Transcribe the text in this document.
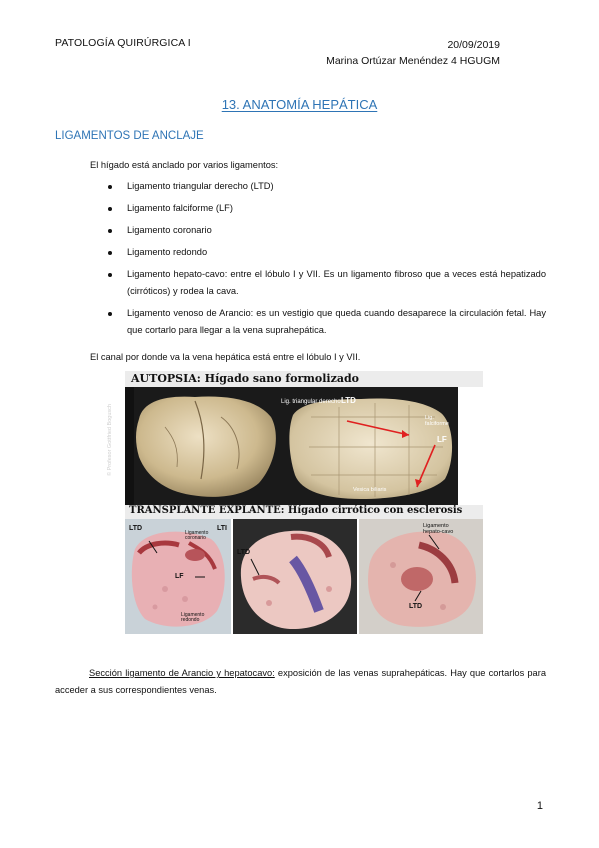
PATOLOGÍA QUIRÚRGICA I	20/09/2019
Marina Ortúzar Menéndez 4 HGUGM
13. ANATOMÍA HEPÁTICA
LIGAMENTOS DE ANCLAJE
El hígado está anclado por varios ligamentos:
Ligamento triangular derecho (LTD)
Ligamento falciforme (LF)
Ligamento coronario
Ligamento redondo
Ligamento hepato-cavo: entre el lóbulo I y VII. Es un ligamento fibroso que a veces está hepatizado (cirróticos) y rodea la cava.
Ligamento venoso de Arancio: es un vestigio que queda cuando desaparece la circulación fetal. Hay que cortarlo para llegar a la vena suprahepática.
El canal por donde va la vena hepática está entre el lóbulo I y VII.
AUTOPSIA: Hígado sano formolizado
Lig. triangular derecho LTD
Lig. falciforme
LF
Vesica biliaris
© Profesor Gottfried Bogusch
TRANSPLANTE EXPLANTE: Hígado cirrótico con esclerosis
LTD	LTI
Ligamento coronario
LF
Ligamento redondo
LTD
Ligamento hepato-cavo
LTD
Sección ligamento de Arancio y hepatocavo: exposición de las venas suprahepáticas. Hay que cortarlos para acceder a sus correspondientes venas.
1
